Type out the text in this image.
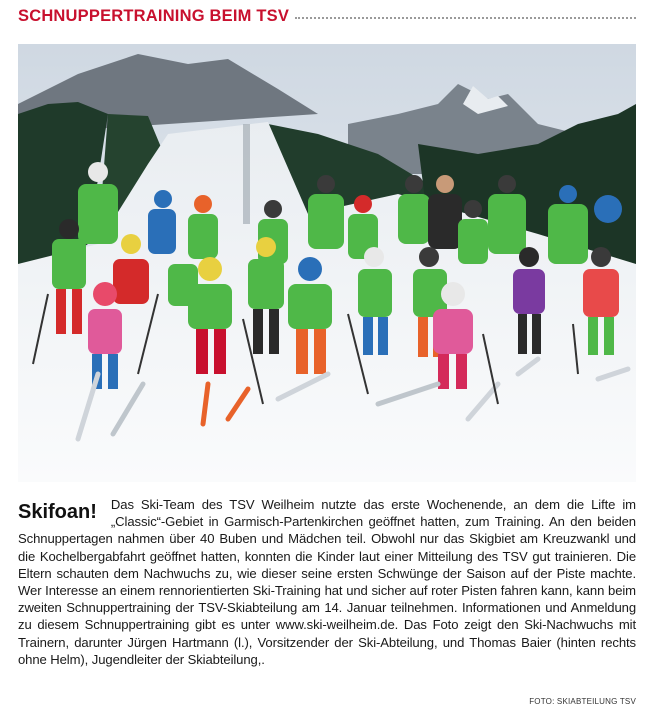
SCHNUPPERTRAINING BEIM TSV
Skifoan!	Das Ski-Team des TSV Weilheim nutzte das erste Wochenende, an dem die Lifte im „Classic“-Gebiet in Garmisch-Partenkirchen geöffnet hatten, zum Training. An den beiden Schnuppertagen nahmen über 40 Buben und Mädchen teil. Obwohl nur das Skigbiet am Kreuzwankl und die Kochelbergabfahrt geöffnet hatten, konnten die Kinder laut einer Mitteilung des TSV gut trainieren. Die Eltern schauten dem Nachwuchs zu, wie dieser seine ersten Schwünge der Saison auf der Piste machte. Wer Interesse an einem rennorientierten Ski-Training hat und sicher auf roter Pisten fahren kann, kann beim zweiten Schnuppertraining der TSV-Skiabteilung am 14. Januar teilnehmen. Informationen und Anmeldung zu diesem Schnuppertraining gibt es unter www.ski-weilheim.de. Das Foto zeigt den Ski-Nachwuchs mit Trainern, darunter Jürgen Hartmann (l.), Vorsitzender der Ski-Abteilung, und Thomas Baier (hinten rechts ohne Helm), Jugendleiter der Skiabteilung,.

FOTO: SKIABTEILUNG TSV
